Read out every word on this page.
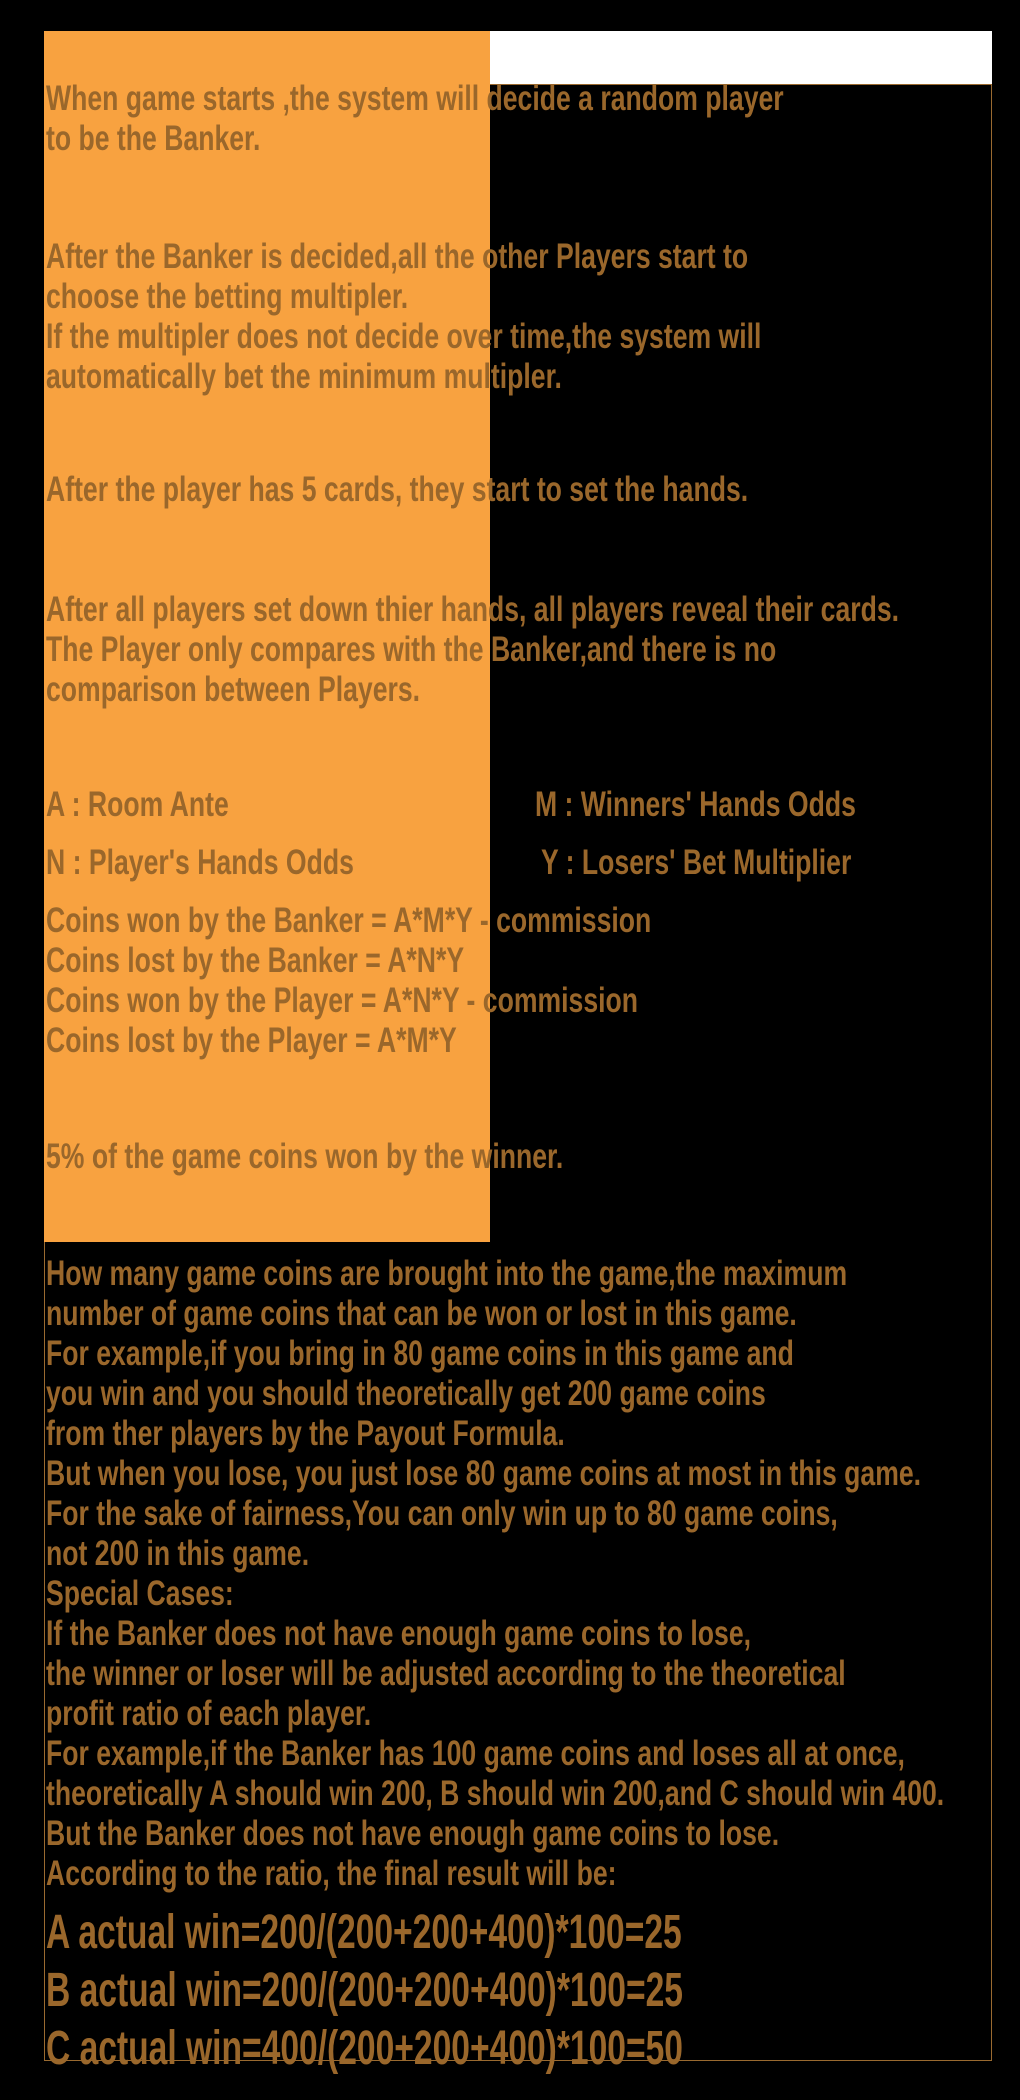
When game starts ,the system will decide a random player
to be the Banker.
After the Banker is decided,all the other Players start to
choose the betting multipler.
If the multipler does not decide over time,the system will
automatically bet the minimum multipler.
After the player has 5 cards, they start to set the hands.
After all players set down thier hands, all players reveal their cards.
The Player only compares with the Banker,and there is no
comparison between Players.
A : Room Ante	M : Winners' Hands Odds
N : Player's Hands Odds	Y : Losers' Bet Multiplier
Coins won by the Banker = A*M*Y - commission
Coins lost by the Banker = A*N*Y
Coins won by the Player = A*N*Y - commission
Coins lost by the Player = A*M*Y
5% of the game coins won by the winner.
How many game coins are brought into the game,the maximum
number of game coins that can be won or lost in this game.
For example,if you bring in 80 game coins in this game and
you win and you should theoretically get 200 game coins
from ther players by the Payout Formula.
But when you lose, you just lose 80 game coins at most in this game.
For the sake of fairness,You can only win up to 80 game coins,
not 200 in this game.
Special Cases:
If the Banker does not have enough game coins to lose,
the winner or loser will be adjusted according to the theoretical
profit ratio of each player.
For example,if the Banker has 100 game coins and loses all at once,
theoretically A should win 200, B should win 200,and C should win 400.
But the Banker does not have enough game coins to lose.
According to the ratio, the final result will be:
A actual win=200/(200+200+400)*100=25
B actual win=200/(200+200+400)*100=25
C actual win=400/(200+200+400)*100=50
